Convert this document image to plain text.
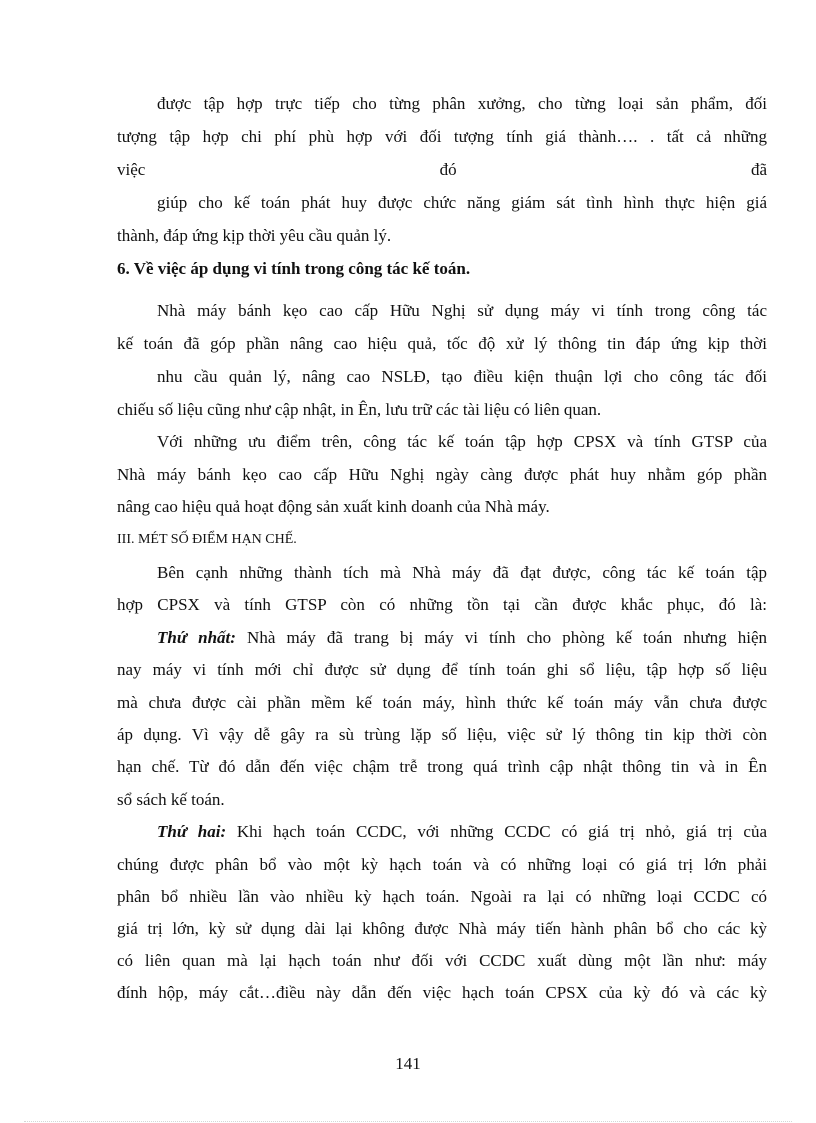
được tập hợp trực tiếp cho từng phân xưởng, cho từng loại sản phẩm, đối
tượng tập hợp chi phí phù hợp với đối tượng tính giá thành…. . tất cả những
việc đó đã
giúp cho kế toán phát huy được chức năng giám sát tình hình thực hiện giá
thành, đáp ứng kịp thời yêu cầu quản lý.
6. Về việc áp dụng vi tính trong công tác kế toán.
Nhà máy bánh kẹo cao cấp Hữu Nghị sử dụng máy vi tính trong công tác
kế toán đã góp phần nâng cao hiệu quả, tốc độ xử lý thông tin đáp ứng kịp thời
nhu cầu quản lý, nâng cao NSLĐ, tạo điều kiện thuận lợi cho công tác đối
chiếu số liệu cũng như cập nhật, in Ên, lưu trữ các tài liệu có liên quan.
Với những ưu điểm trên, công tác kế toán tập hợp CPSX và tính GTSP của
Nhà máy bánh kẹo cao cấp Hữu Nghị ngày càng được phát huy nhằm góp phần
nâng cao hiệu quả hoạt động sản xuất kinh doanh của Nhà máy.
III. MÉT SỐ ĐIỂM HẠN CHẾ.
Bên cạnh những thành tích mà Nhà máy đã đạt được, công tác kế toán tập
hợp CPSX và tính GTSP còn có những tồn tại cần được khắc phục, đó là:
Thứ nhất: Nhà máy đã trang bị máy vi tính cho phòng kế toán nhưng hiện
nay máy vi tính mới chỉ được sử dụng để tính toán ghi sổ liệu, tập hợp số liệu
mà chưa được cài phần mềm kế toán máy, hình thức kế toán máy vẫn chưa được
áp dụng. Vì vậy dễ gây ra sù trùng lặp số liệu, việc sử lý thông tin kịp thời còn
hạn chế. Từ đó dẫn đến việc chậm trễ trong quá trình cập nhật thông tin và in Ên
sổ sách kế toán.
Thứ hai: Khi hạch toán CCDC, với những CCDC có giá trị nhỏ, giá trị của
chúng được phân bổ vào một kỳ hạch toán và có những loại có giá trị lớn phải
phân bổ nhiều lần vào nhiều kỳ hạch toán. Ngoài ra lại có những loại CCDC có
giá trị lớn, kỳ sử dụng dài lại không được Nhà máy tiến hành phân bổ cho các kỳ
có liên quan mà lại hạch toán như đối với CCDC xuất dùng một lần như: máy
đính hộp, máy cắt…điều này dẫn đến việc hạch toán CPSX của kỳ đó và các kỳ
141
